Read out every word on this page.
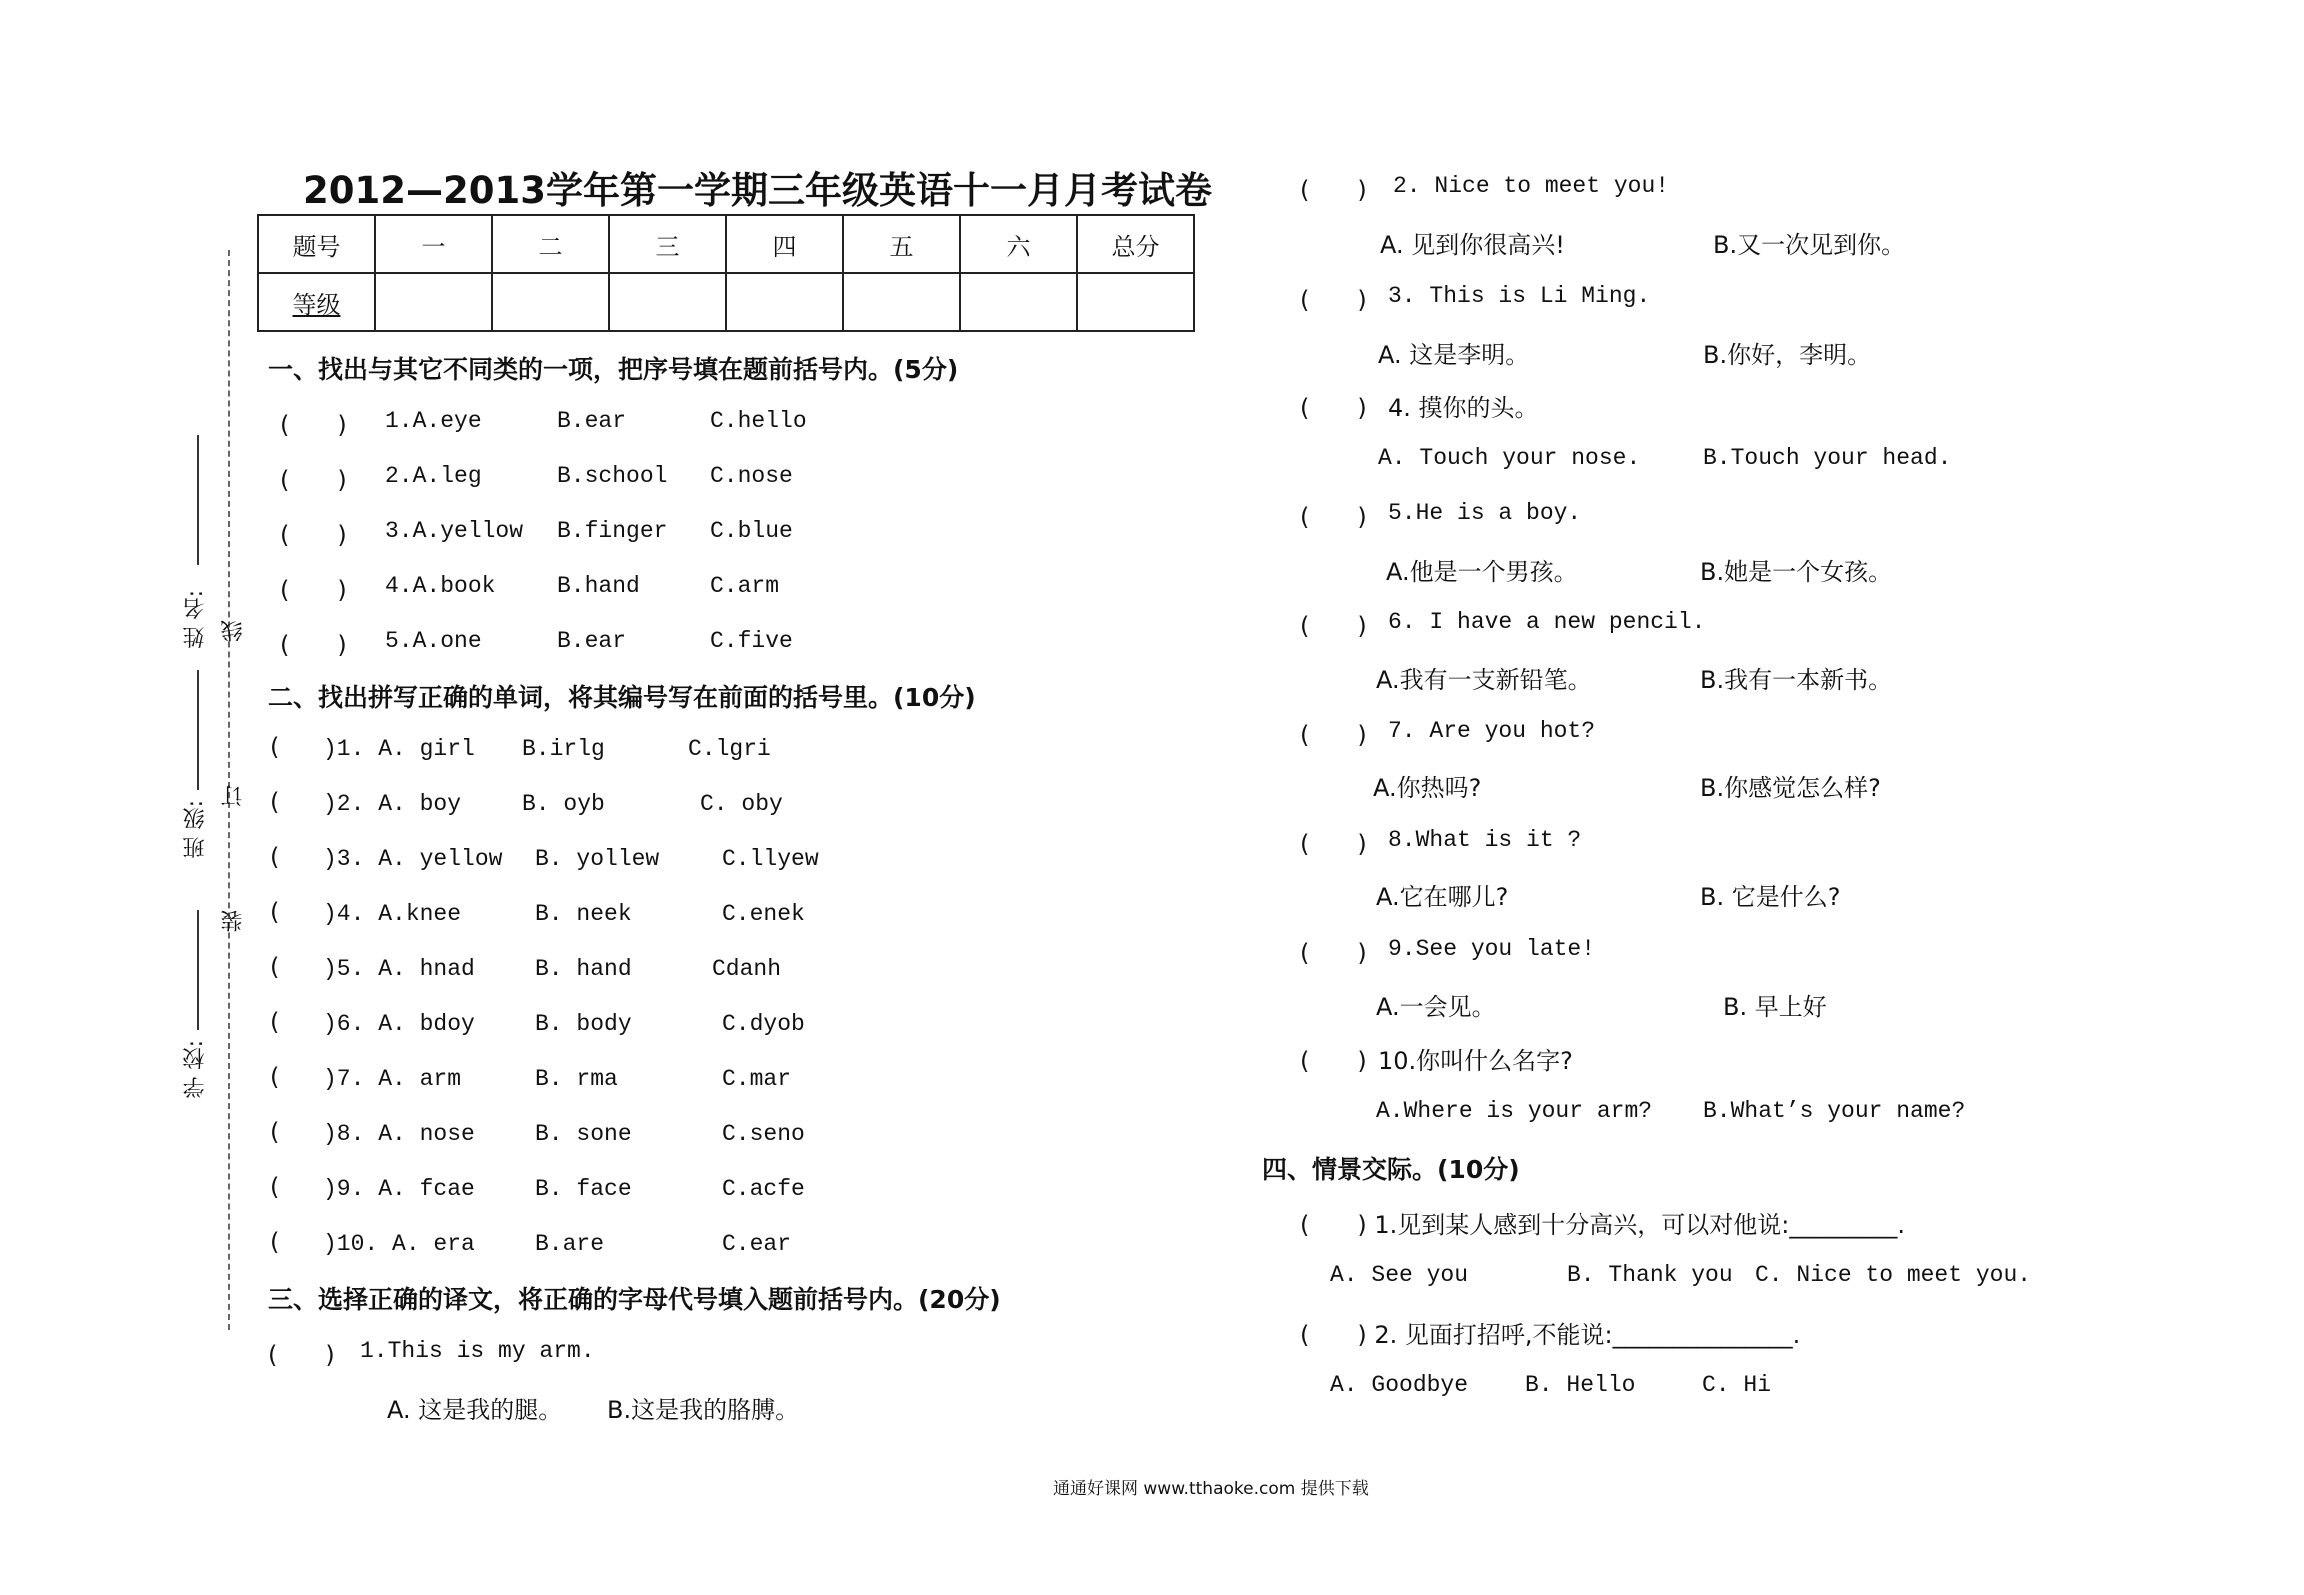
2012—2013学年第一学期三年级英语十一月月考试卷
题号	一	二	三	四	五	六	总分
等级							
姓 名:
班 级:
学 校:
线
订
装
一、找出与其它不同类的一项，把序号填在题前括号内。(5分)
(　　) 1.A.eye	B.ear	C.hello
(　　) 2.A.leg	B.school C.nose
(　　) 3.A.yellow B.finger C.blue
(　　) 4.A.book	B.hand	C.arm
(　　) 5.A.one	B.ear	C.five
二、找出拼写正确的单词，将其编号写在前面的括号里。(10分)
( )1. A. girl B.irlg	C.lgri
( )2. A. boy	B. oyb	C. oby
( )3. A. yellow B. yollew	C.llyew
( )4. A.knee	B. neek	C.enek
( )5. A. hnad	B. hand	Cdanh
( )6. A. bdoy	B. body	C.dyob
( )7. A. arm	B. rma	C.mar
( )8. A. nose	B. sone	C.seno
( )9. A. fcae	B. face	C.acfe
( )10. A. era	B.are	C.ear
三、选择正确的译文，将正确的字母代号填入题前括号内。(20分)
(　　) 1.This is my arm.
A. 这是我的腿。 B.这是我的胳膊。
(　　) 2. Nice to meet you!
A. 见到你很高兴!	B.又一次见到你。
(　　) 3. This is Li Ming.
A. 这是李明。	B.你好，李明。
(　　) 4. 摸你的头。
A. Touch your nose.	B.Touch your head.
(　　) 5.He is a boy.
A.他是一个男孩。	B.她是一个女孩。
(　　) 6. I have a new pencil.
A.我有一支新铅笔。	B.我有一本新书。
(　　) 7. Are you hot?
A.你热吗?	B.你感觉怎么样?
(　　) 8.What is it ?
A.它在哪儿?	B. 它是什么?
(　　) 9.See you late!
A.一会见。	B. 早上好
(　　) 10.你叫什么名字?
A.Where is your arm? B.What’s your name?
四、情景交际。(10分)
(　　) 1.见到某人感到十分高兴，可以对他说:_________.
A. See you	B. Thank you C. Nice to meet you.
(　　) 2. 见面打招呼,不能说:_______________.
A. Goodbye B. Hello	C. Hi
通通好课网 www.tthaoke.com 提供下载
